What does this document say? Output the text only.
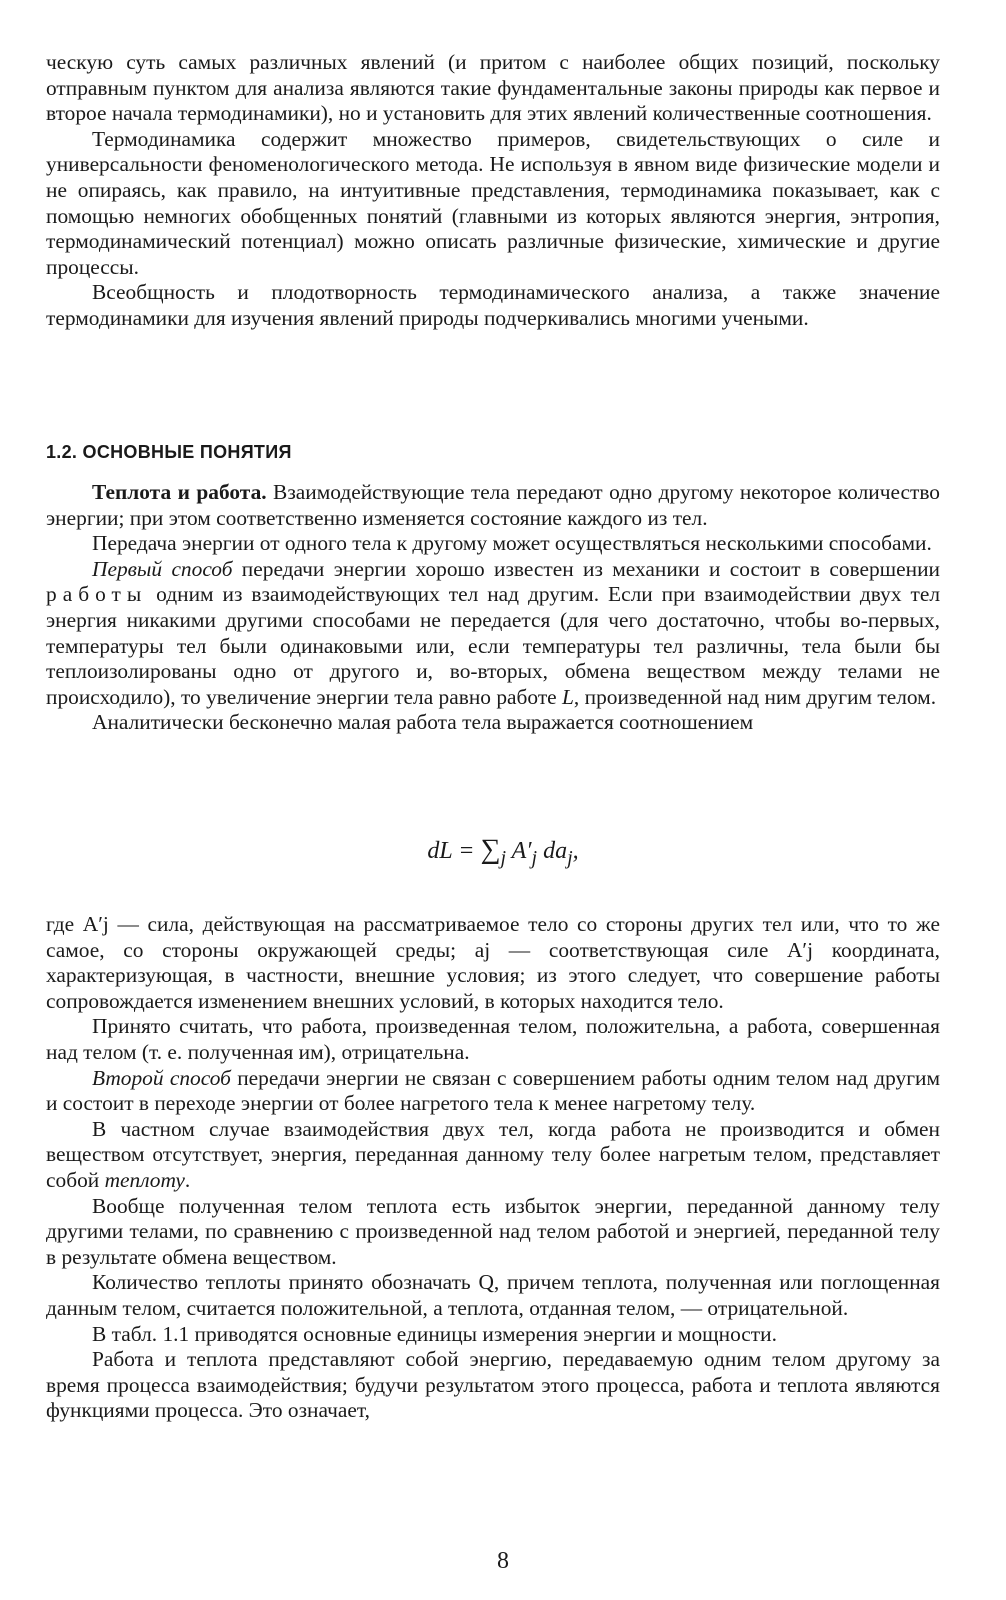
ческую суть самых различных явлений (и притом с наиболее общих позиций, поскольку отправным пунктом для анализа являются такие фундаментальные законы природы как первое и второе начала термодинамики), но и установить для этих явлений количественные соотношения.

Термодинамика содержит множество примеров, свидетельствующих о силе и универсальности феноменологического метода. Не используя в явном виде физические модели и не опираясь, как правило, на интуитивные представления, термодинамика показывает, как с помощью немногих обобщенных понятий (главными из которых являются энергия, энтропия, термодинамический потенциал) можно описать различные физические, химические и другие процессы.

Всеобщность и плодотворность термодинамического анализа, а также значение термодинамики для изучения явлений природы подчеркивались многими учеными.

1.2. ОСНОВНЫЕ ПОНЯТИЯ

Теплота и работа. Взаимодействующие тела передают одно другому некоторое количество энергии; при этом соответственно изменяется состояние каждого из тел.

Передача энергии от одного тела к другому может осуществляться несколькими способами.

Первый способ передачи энергии хорошо известен из механики и состоит в совершении работы одним из взаимодействующих тел над другим. Если при взаимодействии двух тел энергия никакими другими способами не передается (для чего достаточно, чтобы во-первых, температуры тел были одинаковыми или, если температуры тел различны, тела были бы теплоизолированы одно от другого и, во-вторых, обмена веществом между телами не происходило), то увеличение энергии тела равно работе L, произведенной над ним другим телом.

Аналитически бесконечно малая работа тела выражается соотношением

dL = $\sum_j$ $A'_j$ $da_j$,

где A′j — сила, действующая на рассматриваемое тело со стороны других тел или, что то же самое, со стороны окружающей среды; aj — соответствующая силе A′j координата, характеризующая, в частности, внешние условия; из этого следует, что совершение работы сопровождается изменением внешних условий, в которых находится тело.

Принято считать, что работа, произведенная телом, положительна, а работа, совершенная над телом (т. е. полученная им), отрицательна.

Второй способ передачи энергии не связан с совершением работы одним телом над другим и состоит в переходе энергии от более нагретого тела к менее нагретому телу.

В частном случае взаимодействия двух тел, когда работа не производится и обмен веществом отсутствует, энергия, переданная данному телу более нагретым телом, представляет собой теплоту.

Вообще полученная телом теплота есть избыток энергии, переданной данному телу другими телами, по сравнению с произведенной над телом работой и энергией, переданной телу в результате обмена веществом.

Количество теплоты принято обозначать Q, причем теплота, полученная или поглощенная данным телом, считается положительной, а теплота, отданная телом, — отрицательной.

В табл. 1.1 приводятся основные единицы измерения энергии и мощности.

Работа и теплота представляют собой энергию, передаваемую одним телом другому за время процесса взаимодействия; будучи результатом этого процесса, работа и теплота являются функциями процесса. Это означает,

8
